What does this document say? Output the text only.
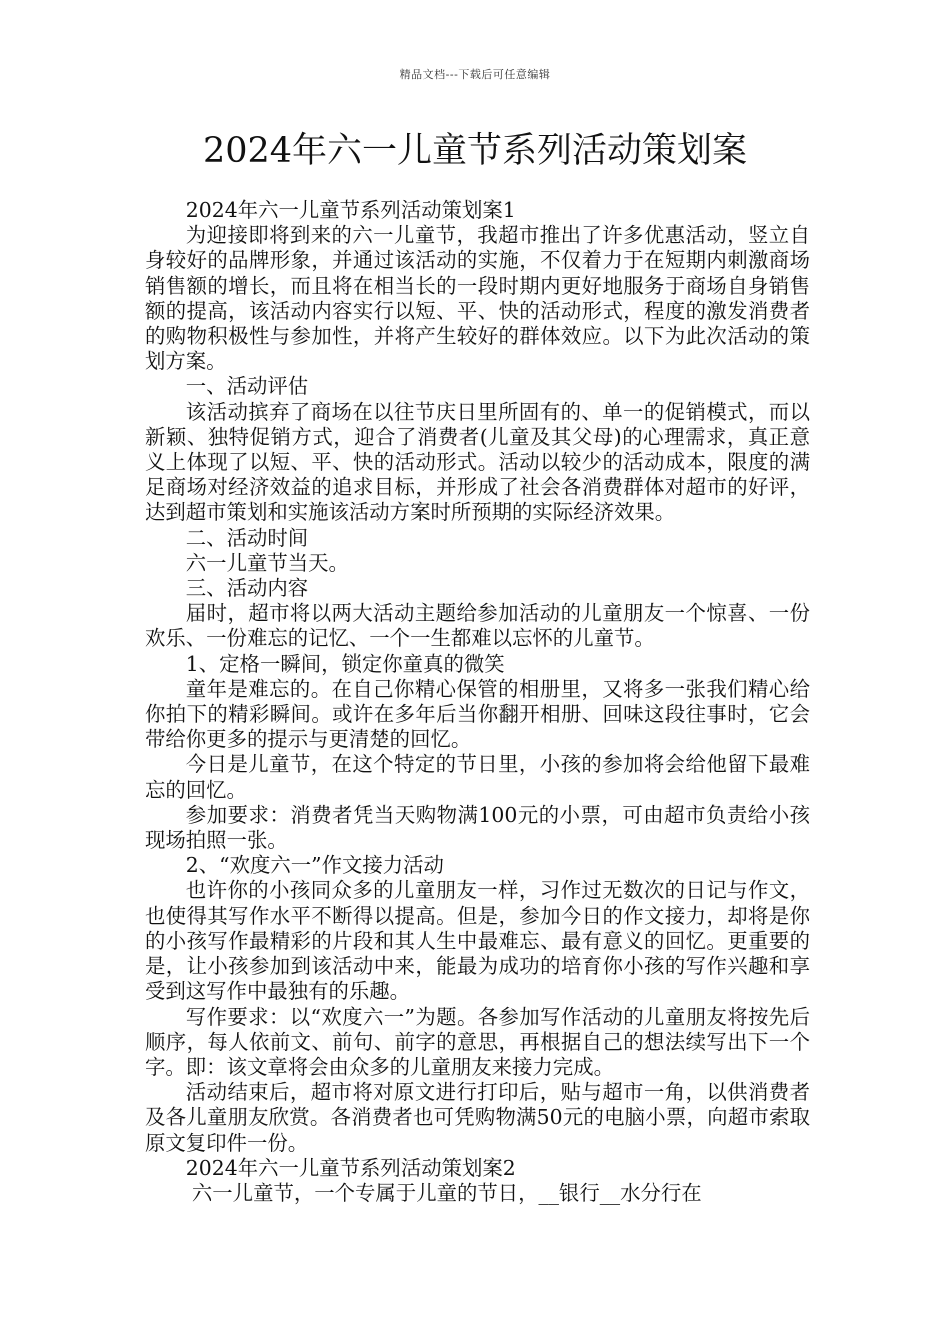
精品文档---下载后可任意编辑
2024年六一儿童节系列活动策划案

2024年六一儿童节系列活动策划案1

为迎接即将到来的六一儿童节，我超市推出了许多优惠活动，竖立自身较好的品牌形象，并通过该活动的实施，不仅着力于在短期内刺激商场销售额的增长，而且将在相当长的一段时期内更好地服务于商场自身销售额的提高，该活动内容实行以短、平、快的活动形式，程度的激发消费者的购物积极性与参加性，并将产生较好的群体效应。以下为此次活动的策划方案。

一、活动评估

该活动摈弃了商场在以往节庆日里所固有的、单一的促销模式，而以新颖、独特促销方式，迎合了消费者(儿童及其父母)的心理需求，真正意义上体现了以短、平、快的活动形式。活动以较少的活动成本，限度的满足商场对经济效益的追求目标，并形成了社会各消费群体对超市的好评，达到超市策划和实施该活动方案时所预期的实际经济效果。

二、活动时间

六一儿童节当天。

三、活动内容

届时，超市将以两大活动主题给参加活动的儿童朋友一个惊喜、一份欢乐、一份难忘的记忆、一个一生都难以忘怀的儿童节。

1、定格一瞬间，锁定你童真的微笑

童年是难忘的。在自己你精心保管的相册里，又将多一张我们精心给你拍下的精彩瞬间。或许在多年后当你翻开相册、回味这段往事时，它会带给你更多的提示与更清楚的回忆。

今日是儿童节，在这个特定的节日里，小孩的参加将会给他留下最难忘的回忆。

参加要求：消费者凭当天购物满100元的小票，可由超市负责给小孩现场拍照一张。

2、“欢度六一”作文接力活动

也许你的小孩同众多的儿童朋友一样，习作过无数次的日记与作文，也使得其写作水平不断得以提高。但是，参加今日的作文接力，却将是你的小孩写作最精彩的片段和其人生中最难忘、最有意义的回忆。更重要的是，让小孩参加到该活动中来，能最为成功的培育你小孩的写作兴趣和享受到这写作中最独有的乐趣。

写作要求：以“欢度六一”为题。各参加写作活动的儿童朋友将按先后顺序，每人依前文、前句、前字的意思，再根据自己的想法续写出下一个字。即：该文章将会由众多的儿童朋友来接力完成。

活动结束后，超市将对原文进行打印后，贴与超市一角，以供消费者及各儿童朋友欣赏。各消费者也可凭购物满50元的电脑小票，向超市索取原文复印件一份。

2024年六一儿童节系列活动策划案2

六一儿童节，一个专属于儿童的节日，__银行__水分行在
